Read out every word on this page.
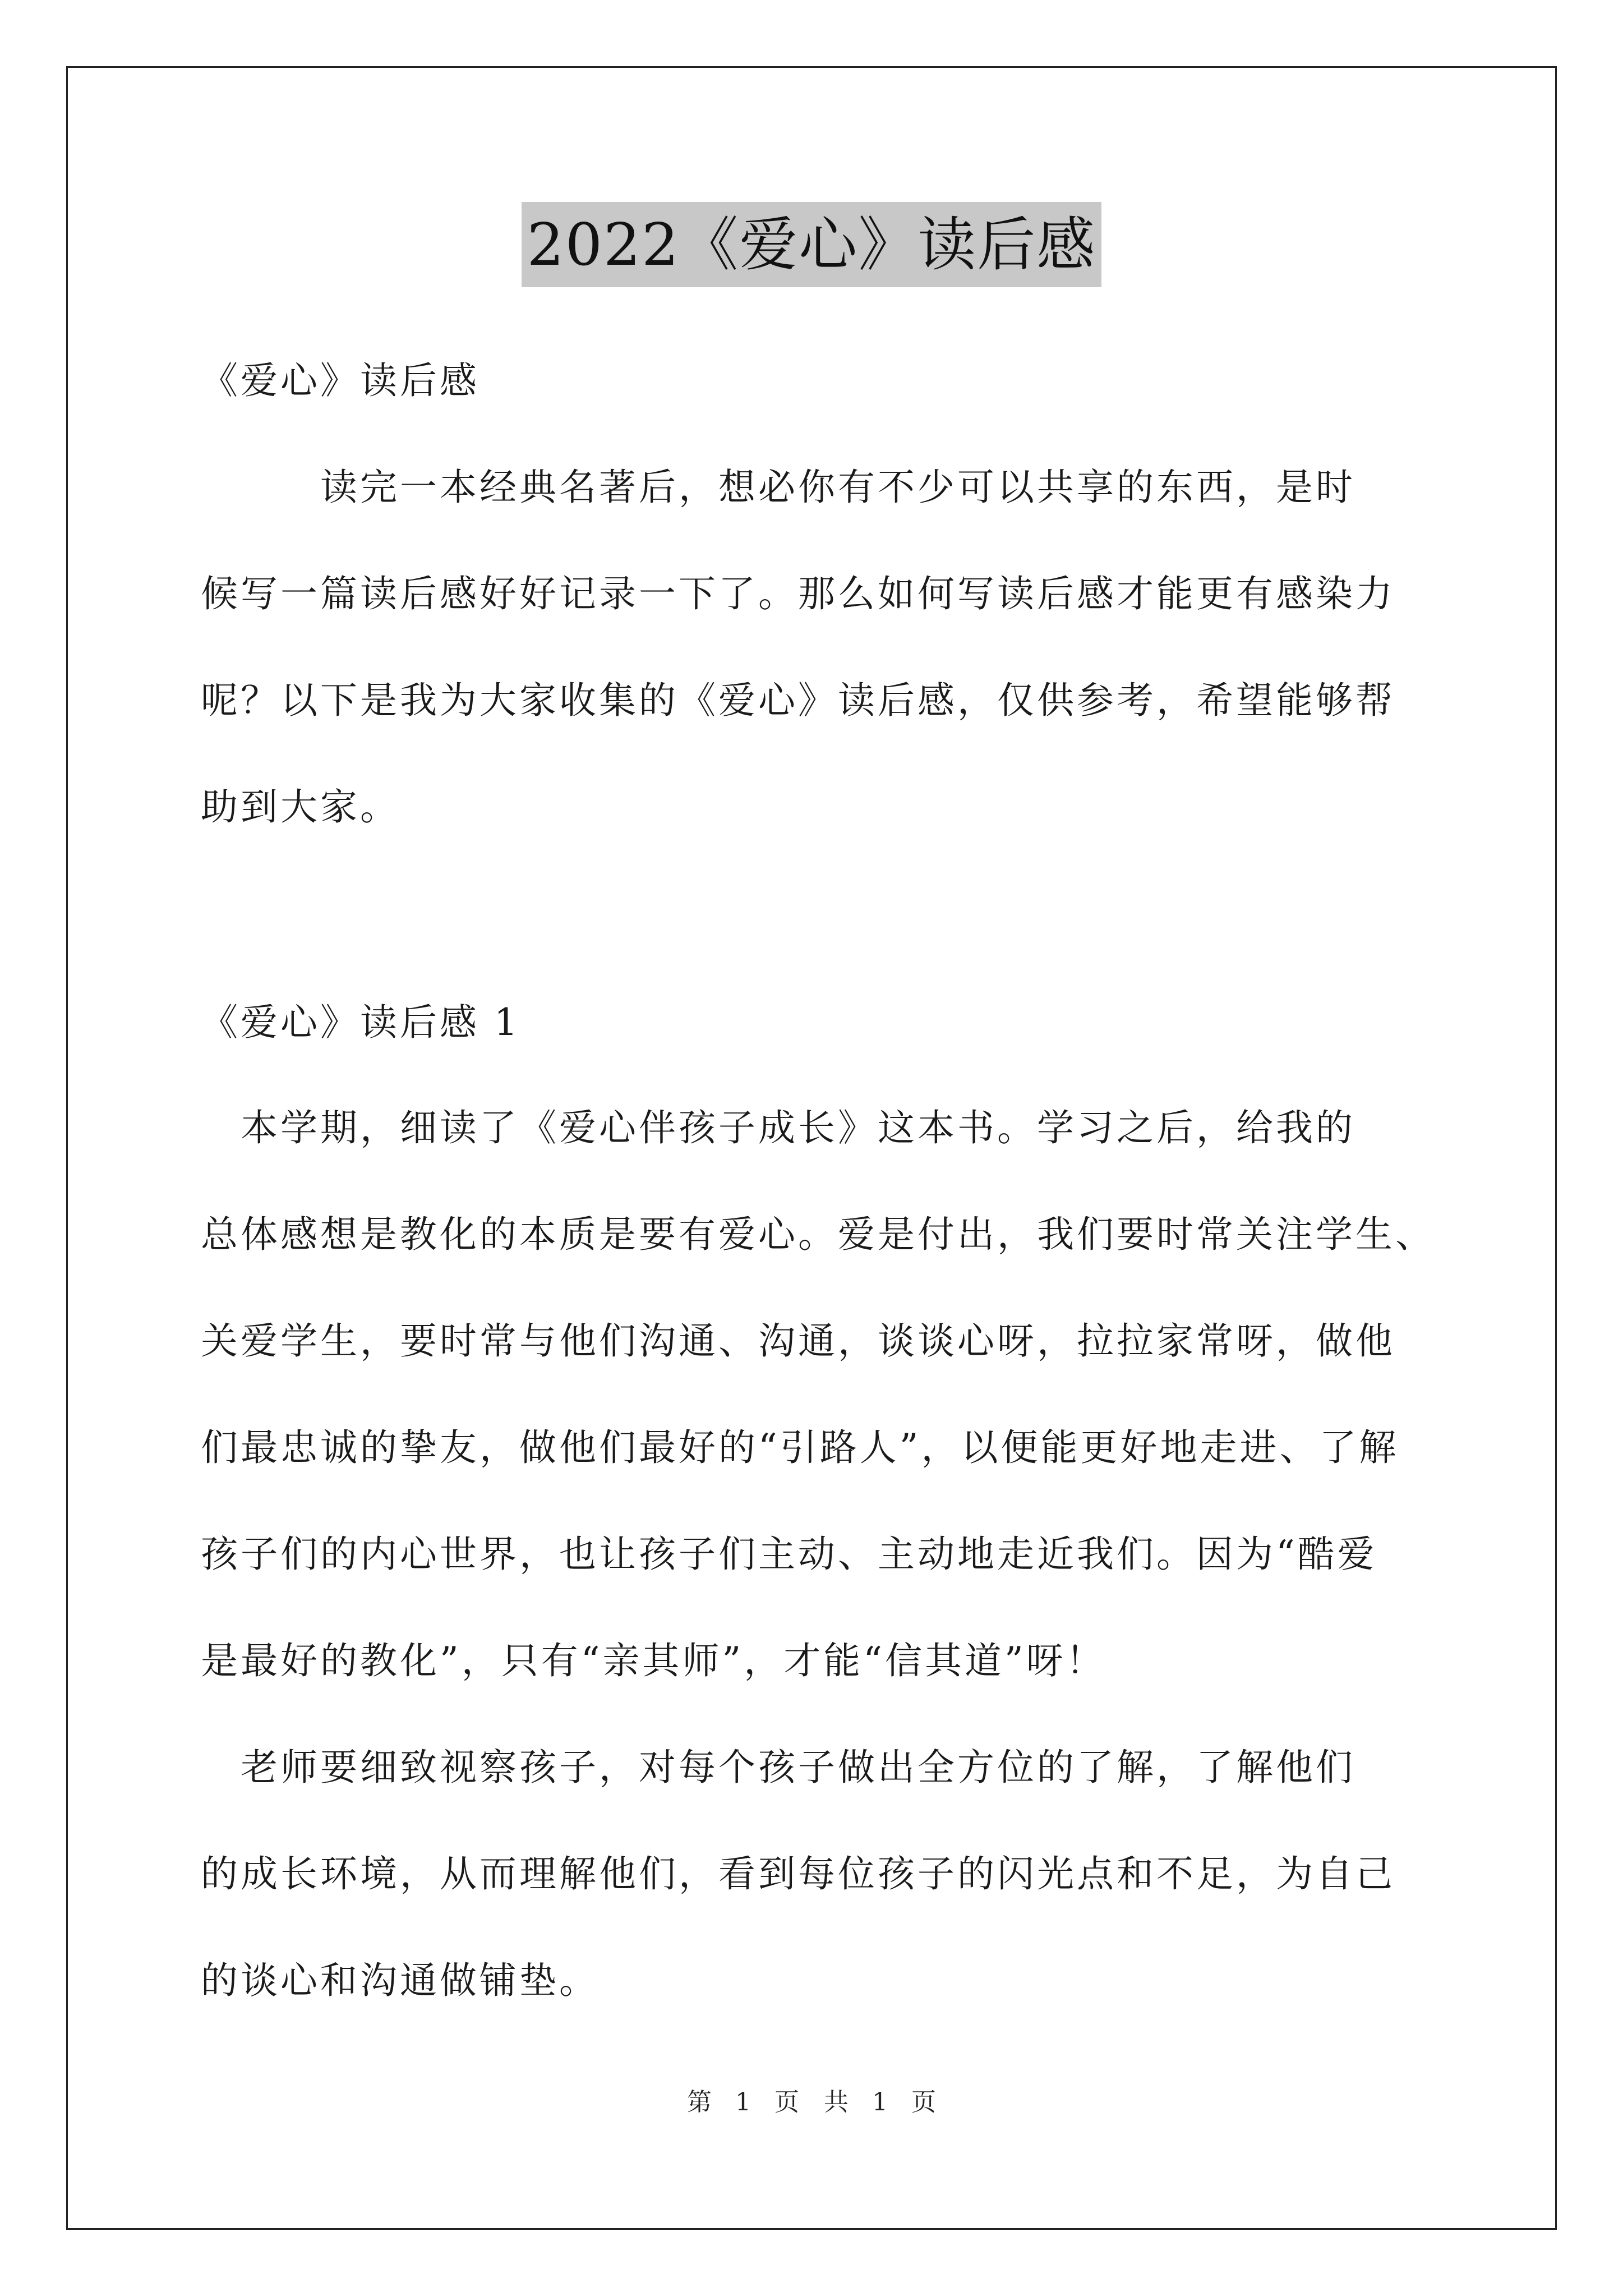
2022《爱心》读后感
《爱心》读后感
　　　读完一本经典名著后，想必你有不少可以共享的东西，是时
候写一篇读后感好好记录一下了。那么如何写读后感才能更有感染力
呢？以下是我为大家收集的《爱心》读后感，仅供参考，希望能够帮
助到大家。
《爱心》读后感 1
　本学期，细读了《爱心伴孩子成长》这本书。学习之后，给我的
总体感想是教化的本质是要有爱心。爱是付出，我们要时常关注学生、
关爱学生，要时常与他们沟通、沟通，谈谈心呀，拉拉家常呀，做他
们最忠诚的挚友，做他们最好的“引路人”，以便能更好地走进、了解
孩子们的内心世界，也让孩子们主动、主动地走近我们。因为“酷爱
是最好的教化”，只有“亲其师”，才能“信其道”呀！
　老师要细致视察孩子，对每个孩子做出全方位的了解，了解他们
的成长环境，从而理解他们，看到每位孩子的闪光点和不足，为自己
的谈心和沟通做铺垫。
第 1 页　共 1 页
